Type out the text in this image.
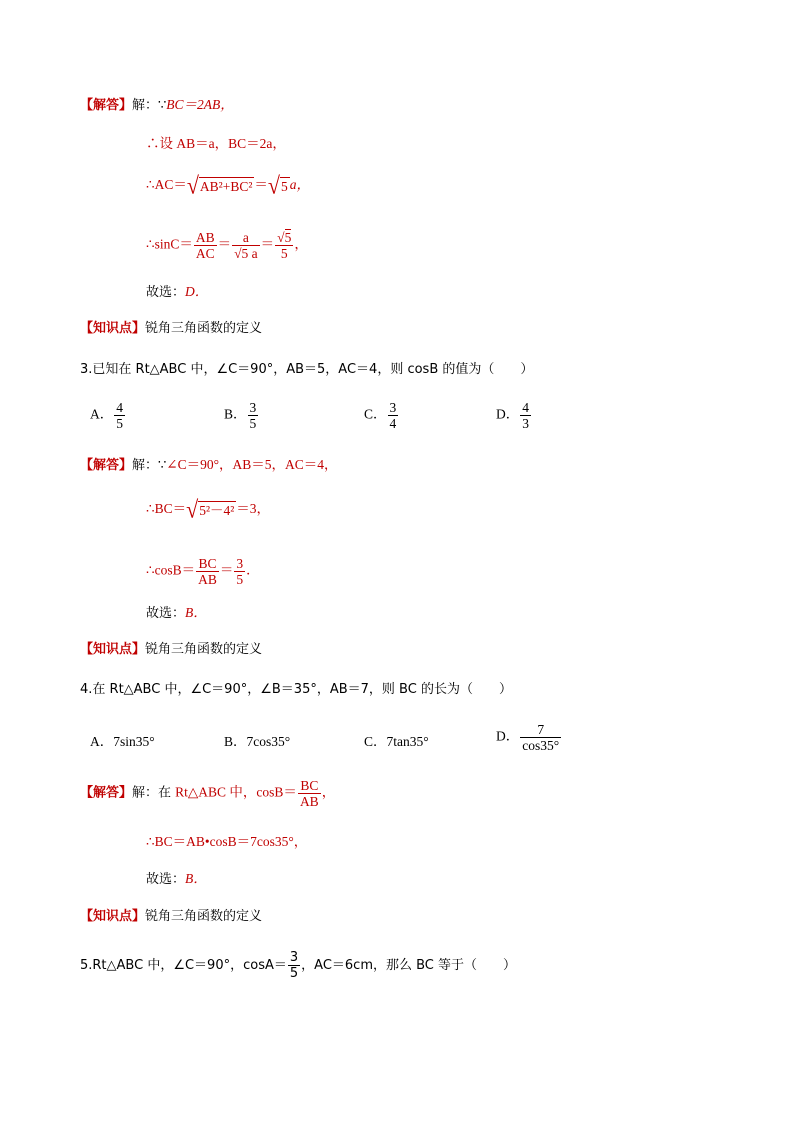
【解答】解：∵BC＝2AB，
∴设 AB＝a，BC＝2a，
∴AC＝√AB²+BC² ＝√5 a，
∴sinC＝ $\frac{AB}{AC} = \frac{a}{√5 a} = \frac{√5}{5}$ ，
故选：D．
【知识点】锐角三角函数的定义
3.已知在 Rt△ABC 中，∠C＝90°，AB＝5，AC＝4，则 cosB 的值为（　　）
A． $\frac{4}{5}$	B． $\frac{3}{5}$	C． $\frac{3}{4}$	D． $\frac{4}{3}$
【解答】解：∵∠C＝90°，AB＝5，AC＝4，
∴BC＝√5²－4² ＝3，
∴cosB＝ $\frac{BC}{AB} = \frac{3}{5}$ ．
故选：B．
【知识点】锐角三角函数的定义
4.在 Rt△ABC 中，∠C＝90°，∠B＝35°，AB＝7，则 BC 的长为（　　）
A．7sin35°	B．7cos35°	C．7tan35°	D． $\frac{7}{\cos 35^\circ}$
【解答】解：在 Rt△ABC 中，$\cos B= \frac{BC}{AB}$ ，
∴BC＝AB•cosB＝7cos35°，
故选：B．
【知识点】锐角三角函数的定义
5.Rt△ABC 中，∠C＝90°，$\cos A= \frac{3}{5}$ ，AC＝6cm，那么 BC 等于（　　）
